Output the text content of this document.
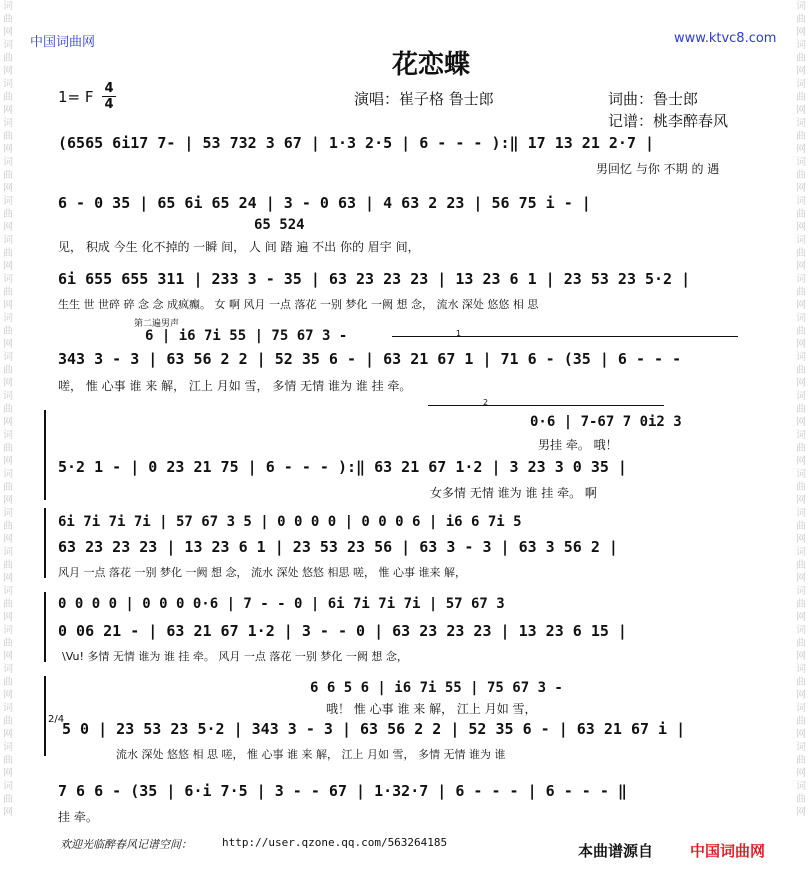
词曲网词曲网词曲网词曲网词曲网词曲网词曲网词曲网词曲网词曲网词曲网词曲网词曲网词曲网词曲网词曲网词曲网词曲网词曲网词曲网词曲网
词曲网词曲网词曲网词曲网词曲网词曲网词曲网词曲网词曲网词曲网词曲网词曲网词曲网词曲网词曲网词曲网词曲网词曲网词曲网词曲网词曲网
中国词曲网	www.ktvc8.com
花恋蝶
1= F 4
4	演唱：崔子格 鲁士郎	词曲：鲁士郎
记谱：桃李醉春风
(6565 6i17 7- | 53 732 3 67 | 1·3 2·5 | 6 - - - ):‖ 17 13 21 2·7 |
男回忆 与你 不期 的 遇
6 - 0 35 | 65 6i 65 24 | 3 - 0 63 | 4 63 2 23 | 56 75 i - |
65 524
见， 积成 今生 化不掉的 一瞬 间， 人 间 踏 遍 不出 你的 眉宇 间，
6i 655 655 311 | 233 3 - 35 | 63 23 23 23 | 13 23 6 1 | 23 53 23 5·2 |
生生 世 世碎 碎 念 念 成疯癫。 女 啊 风月 一点 落花 一别 梦化 一阙 想 念， 流水 深处 悠悠 相 思
第二遍男声
6 | i6 7i 55 | 75 67 3 -	1
343 3 - 3 | 63 56 2 2 | 52 35 6 - | 63 21 67 1 | 71 6 - (35 | 6 - - -
嗟， 惟 心事 谁 来 解， 江上 月如 雪， 多情 无情 谁为 谁 挂 牵。
2
0·6 | 7-67 7 0i2 3
男挂 牵。 哦！
5·2 1 - | 0 23 21 75 | 6 - - - ):‖ 63 21 67 1·2 | 3 23 3 0 35 |
女多情 无情 谁为 谁 挂 牵。 啊
6i 7i 7i 7i | 57 67 3 5 | 0 0 0 0 | 0 0 0 6 | i6 6 7i 5
63 23 23 23 | 13 23 6 1 | 23 53 23 56 | 63 3 - 3 | 63 3 56 2 |
风月 一点 落花 一别 梦化 一阙 想 念， 流水 深处 悠悠 相思 嗟， 惟 心事 谁来 解，
0 0 0 0 | 0 0 0 0·6 | 7 - - 0 | 6i 7i 7i 7i | 57 67 3
0 06 21 - | 63 21 67 1·2 | 3 - - 0 | 63 23 23 23 | 13 23 6 15 |
\Vu! 多情 无情 谁为 谁 挂 牵。 风月 一点 落花 一别 梦化 一阙 想 念，
6 6 5 6 | i6 7i 55 | 75 67 3 -
哦！ 惟 心事 谁 来 解， 江上 月如 雪，
2/4
5 0 | 23 53 23 5·2 | 343 3 - 3 | 63 56 2 2 | 52 35 6 - | 63 21 67 i |
流水 深处 悠悠 相 思 嗟， 惟 心事 谁 来 解， 江上 月如 雪， 多情 无情 谁为 谁
7 6 6 - (35 | 6·i 7·5 | 3 - - 67 | 1·32·7 | 6 - - - | 6 - - - ‖
挂 牵。
欢迎光临醉春风记谱空间：	http://user.qzone.qq.com/563264185	本曲谱源自 中国词曲网
